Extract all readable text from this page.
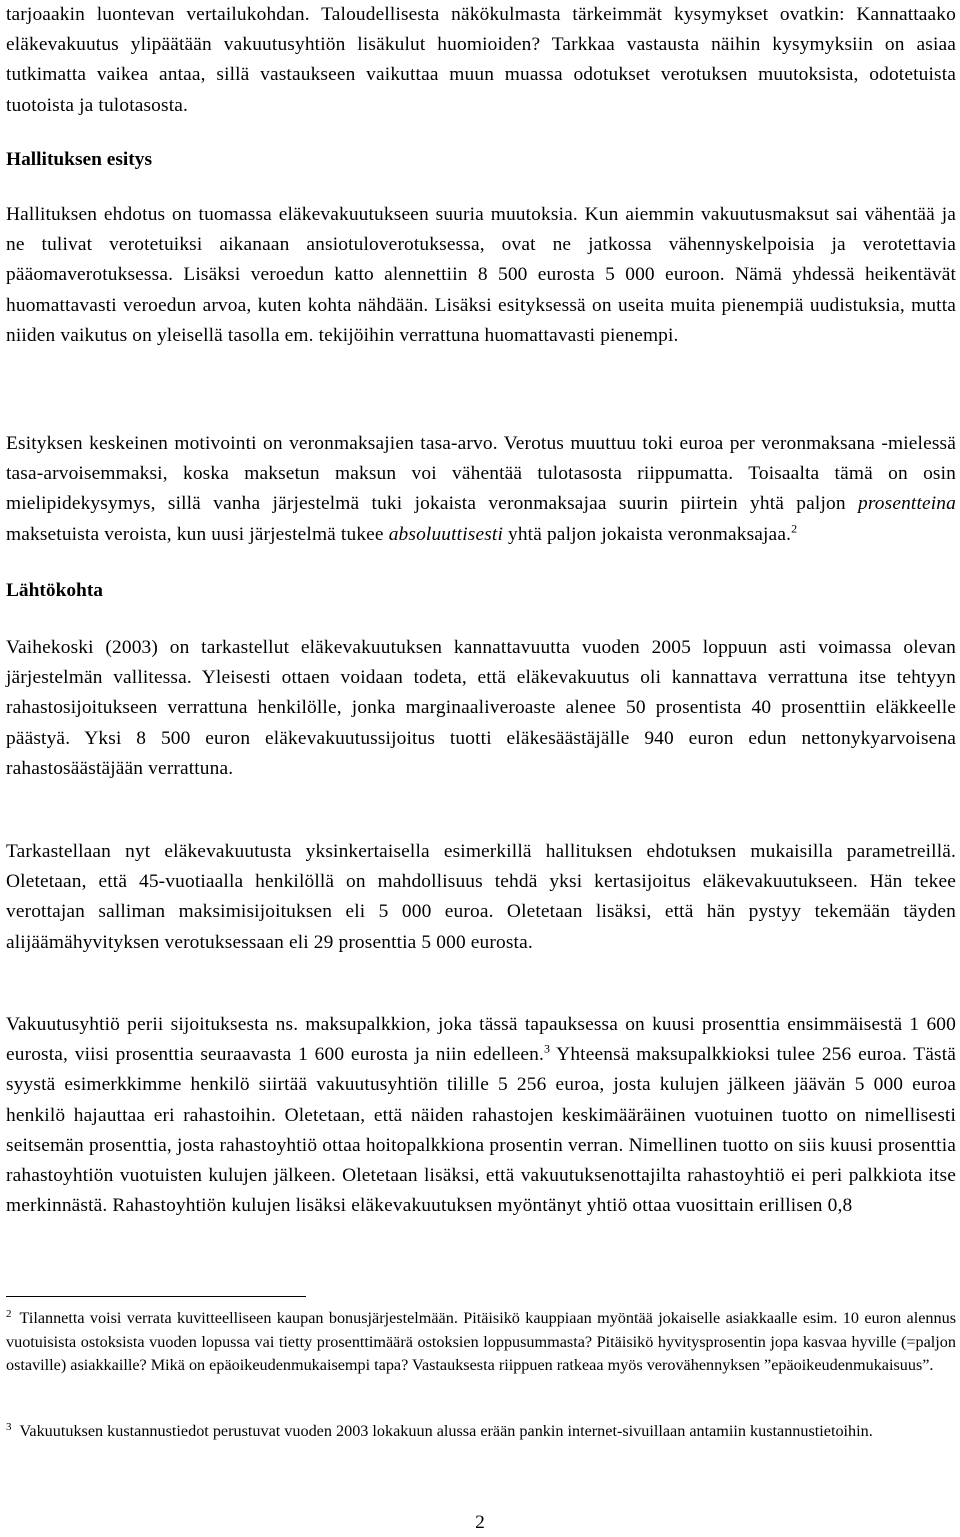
tarjoaakin luontevan vertailukohdan. Taloudellisesta näkökulmasta tärkeimmät kysymykset ovatkin: Kannattaako eläkevakuutus ylipäätään vakuutusyhtiön lisäkulut huomioiden? Tarkkaa vastausta näihin kysymyksiin on asiaa tutkimatta vaikea antaa, sillä vastaukseen vaikuttaa muun muassa odotukset verotuksen muutoksista, odotetuista tuotoista ja tulotasosta.

Hallituksen esitys

Hallituksen ehdotus on tuomassa eläkevakuutukseen suuria muutoksia. Kun aiemmin vakuutusmaksut sai vähentää ja ne tulivat verotetuiksi aikanaan ansiotuloverotuksessa, ovat ne jatkossa vähennyskelpoisia ja verotettavia pääomaverotuksessa. Lisäksi veroedun katto alennettiin 8 500 eurosta 5 000 euroon. Nämä yhdessä heikentävät huomattavasti veroedun arvoa, kuten kohta nähdään. Lisäksi esityksessä on useita muita pienempiä uudistuksia, mutta niiden vaikutus on yleisellä tasolla em. tekijöihin verrattuna huomattavasti pienempi.

Esityksen keskeinen motivointi on veronmaksajien tasa-arvo. Verotus muuttuu toki euroa per veronmaksana -mielessä tasa-arvoisemmaksi, koska maksetun maksun voi vähentää tulotasosta riippumatta. Toisaalta tämä on osin mielipidekysymys, sillä vanha järjestelmä tuki jokaista veronmaksajaa suurin piirtein yhtä paljon prosentteina maksetuista veroista, kun uusi järjestelmä tukee absoluuttisesti yhtä paljon jokaista veronmaksajaa.$^2$

Lähtökohta

Vaihekoski (2003) on tarkastellut eläkevakuutuksen kannattavuutta vuoden 2005 loppuun asti voimassa olevan järjestelmän vallitessa. Yleisesti ottaen voidaan todeta, että eläkevakuutus oli kannattava verrattuna itse tehtyyn rahastosijoitukseen verrattuna henkilölle, jonka marginaaliveroaste alenee 50 prosentista 40 prosenttiin eläkkeelle päästyä. Yksi 8 500 euron eläkevakuutussijoitus tuotti eläkesäästäjälle 940 euron edun nettonykyarvoisena rahastosäästäjään verrattuna.

Tarkastellaan nyt eläkevakuutusta yksinkertaisella esimerkillä hallituksen ehdotuksen mukaisilla parametreillä. Oletetaan, että 45-vuotiaalla henkilöllä on mahdollisuus tehdä yksi kertasijoitus eläkevakuutukseen. Hän tekee verottajan salliman maksimisijoituksen eli 5 000 euroa. Oletetaan lisäksi, että hän pystyy tekemään täyden alijäämähyvityksen verotuksessaan eli 29 prosenttia 5 000 eurosta.

Vakuutusyhtiö perii sijoituksesta ns. maksupalkkion, joka tässä tapauksessa on kuusi prosenttia ensimmäisestä 1 600 eurosta, viisi prosenttia seuraavasta 1 600 eurosta ja niin edelleen.$^3$ Yhteensä maksupalkkioksi tulee 256 euroa. Tästä syystä esimerkkimme henkilö siirtää vakuutusyhtiön tilille 5 256 euroa, josta kulujen jälkeen jäävän 5 000 euroa henkilö hajauttaa eri rahastoihin. Oletetaan, että näiden rahastojen keskimääräinen vuotuinen tuotto on nimellisesti seitsemän prosenttia, josta rahastoyhtiö ottaa hoitopalkkiona prosentin verran. Nimellinen tuotto on siis kuusi prosenttia rahastoyhtiön vuotuisten kulujen jälkeen. Oletetaan lisäksi, että vakuutuksenottajilta rahastoyhtiö ei peri palkkiota itse merkinnästä. Rahastoyhtiön kulujen lisäksi eläkevakuutuksen myöntänyt yhtiö ottaa vuosittain erillisen 0,8

$^2$ Tilannetta voisi verrata kuvitteelliseen kaupan bonusjärjestelmään. Pitäisikö kauppiaan myöntää jokaiselle asiakkaalle esim. 10 euron alennus vuotuisista ostoksista vuoden lopussa vai tietty prosenttimäärä ostoksien loppusummasta? Pitäisikö hyvitysprosentin jopa kasvaa hyville (=paljon ostaville) asiakkaille? Mikä on epäoikeudenmukaisempi tapa? Vastauksesta riippuen ratkeaa myös verovähennyksen ”epäoikeudenmukaisuus”.

$^3$ Vakuutuksen kustannustiedot perustuvat vuoden 2003 lokakuun alussa erään pankin internet-sivuillaan antamiin kustannustietoihin.

2
